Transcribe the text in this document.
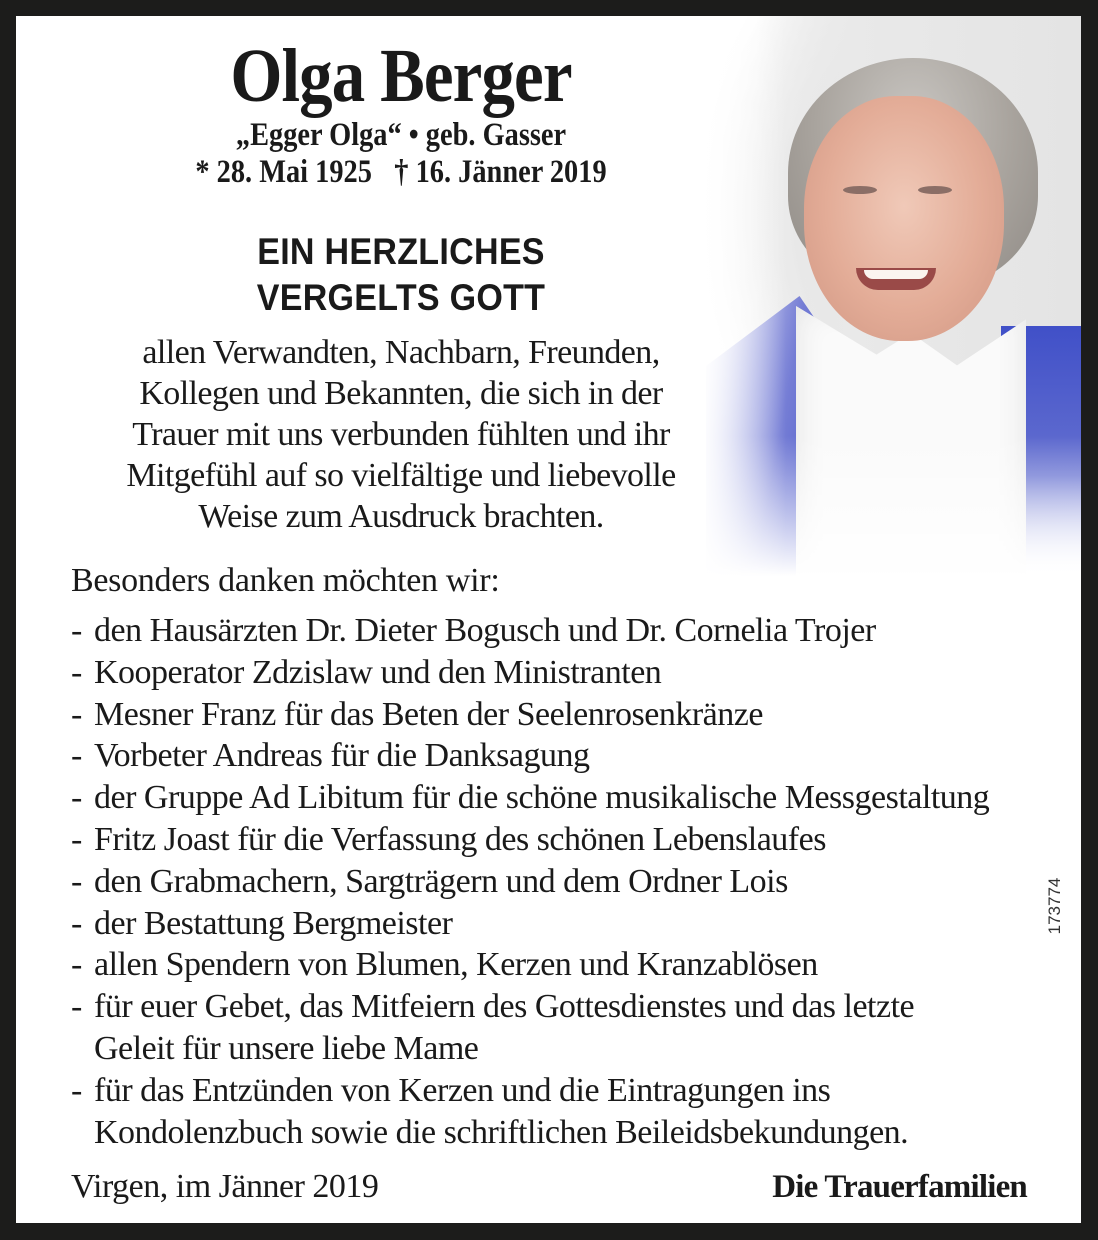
Olga Berger
„Egger Olga“ • geb. Gasser
* 28. Mai 1925 † 16. Jänner 2019
EIN HERZLICHES
VERGELTS GOTT
allen Verwandten, Nachbarn, Freunden,
Kollegen und Bekannten, die sich in der
Trauer mit uns verbunden fühlten und ihr
Mitgefühl auf so vielfältige und liebevolle
Weise zum Ausdruck brachten.
Besonders danken möchten wir:
- den Hausärzten Dr. Dieter Bogusch und Dr. Cornelia Trojer
- Kooperator Zdzislaw und den Ministranten
- Mesner Franz für das Beten der Seelenrosenkränze
- Vorbeter Andreas für die Danksagung
- der Gruppe Ad Libitum für die schöne musikalische Messgestaltung
- Fritz Joast für die Verfassung des schönen Lebenslaufes
- den Grabmachern, Sargträgern und dem Ordner Lois
- der Bestattung Bergmeister
- allen Spendern von Blumen, Kerzen und Kranzablösen
- für euer Gebet, das Mitfeiern des Gottesdienstes und das letzte
Geleit für unsere liebe Mame
- für das Entzünden von Kerzen und die Eintragungen ins
Kondolenzbuch sowie die schriftlichen Beileidsbekundungen.
173774
Virgen, im Jänner 2019	Die Trauerfamilien
